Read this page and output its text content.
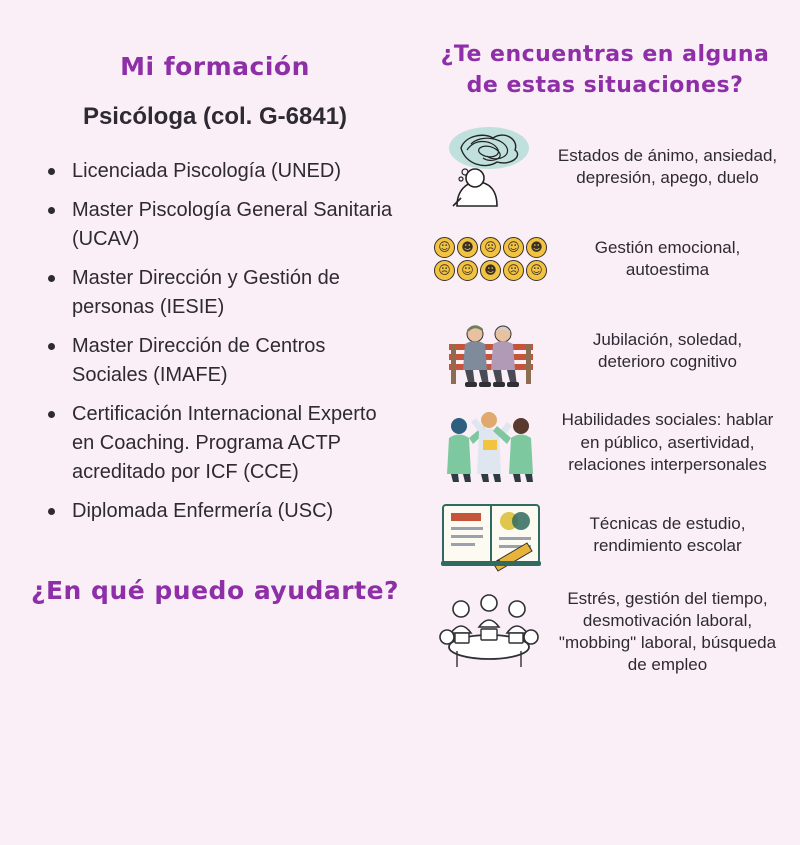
Mi formación
Psicóloga (col. G-6841)
Licenciada Piscología (UNED)
Master Piscología General Sanitaria (UCAV)
Master Dirección y Gestión de personas (IESIE)
Master Dirección de Centros Sociales (IMAFE)
Certificación Internacional Experto en Coaching. Programa ACTP acreditado por ICF (CCE)
Diplomada Enfermería (USC)
¿En qué puedo ayudarte?
¿Te encuentras en alguna de estas situaciones?
Estados de ánimo, ansiedad, depresión, apego, duelo
☺ ☻ ☹ ☺ ☻
☹ ☺ ☻ ☹ ☺
Gestión emocional, autoestima
Jubilación, soledad, deterioro cognitivo
Habilidades sociales: hablar en público, asertividad, relaciones interpersonales
Técnicas de estudio, rendimiento escolar
Estrés, gestión del tiempo, desmotivación laboral, "mobbing" laboral, búsqueda de empleo
